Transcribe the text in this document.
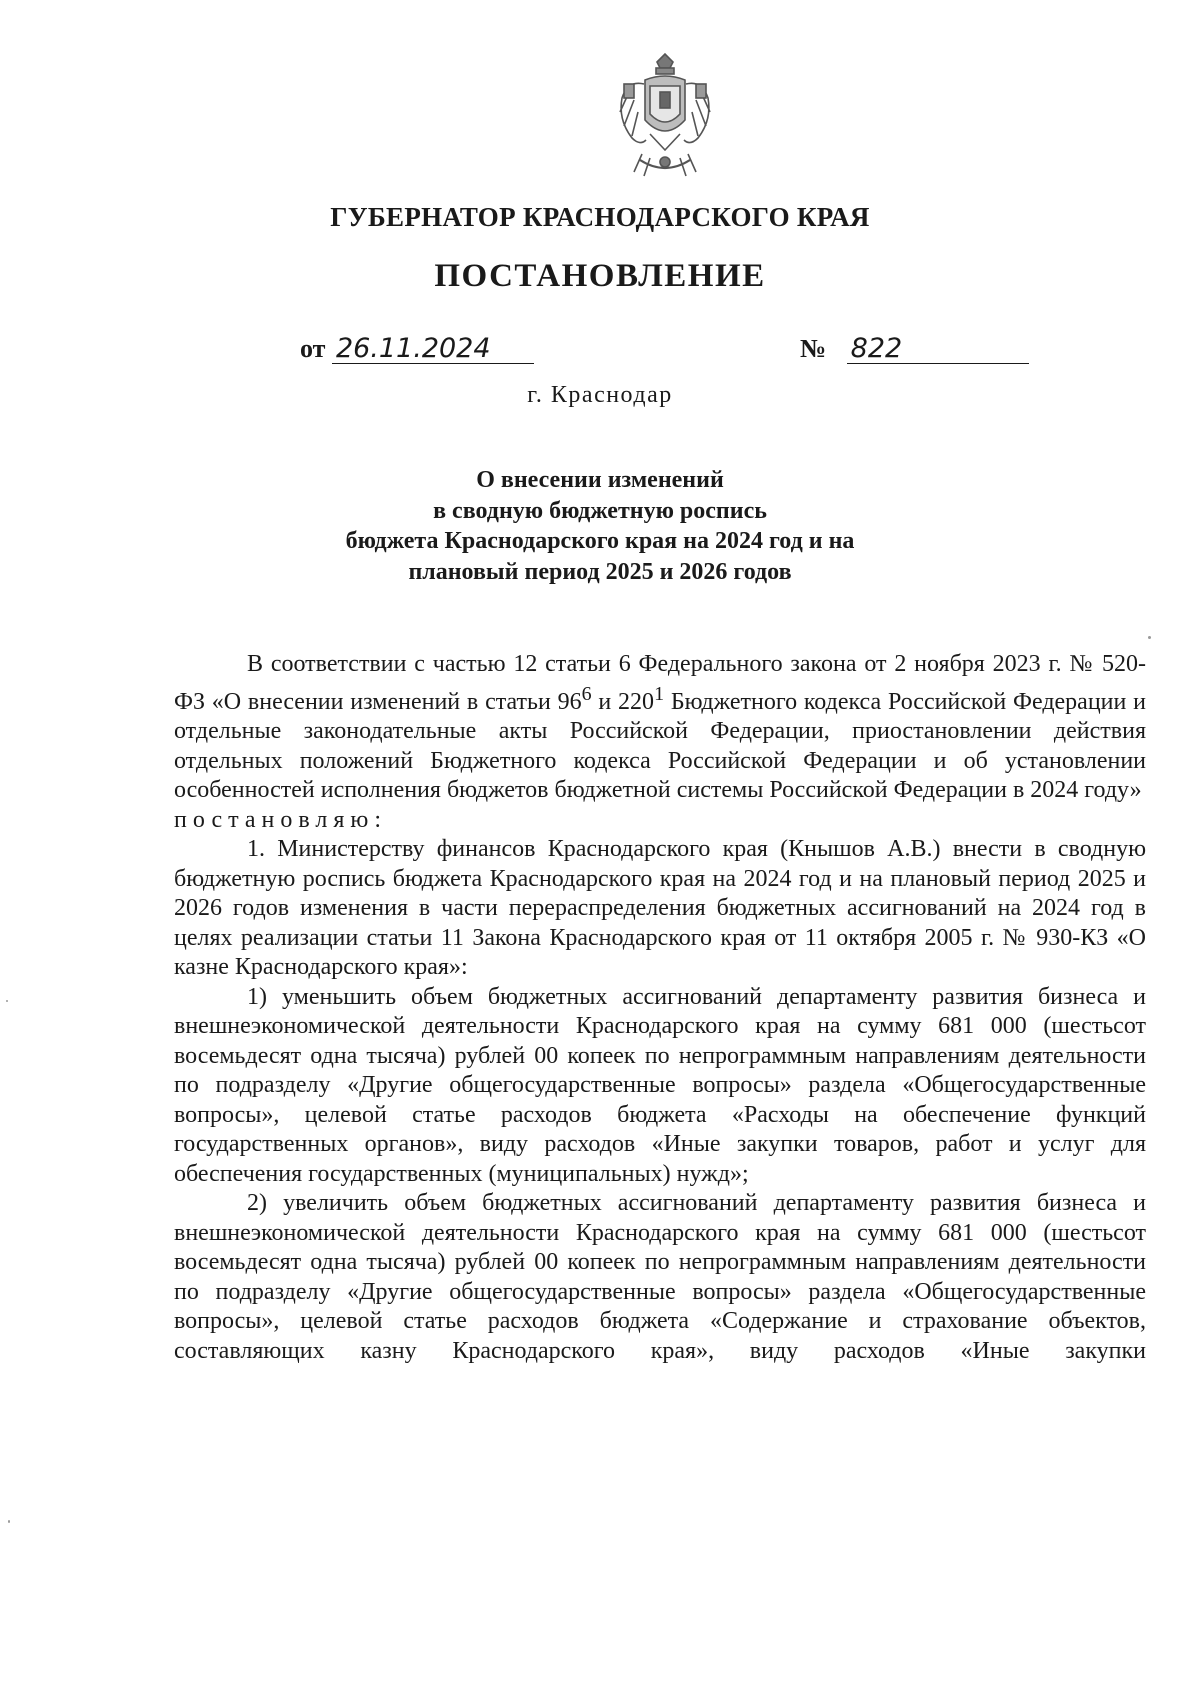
ГУБЕРНАТОР КРАСНОДАРСКОГО КРАЯ
ПОСТАНОВЛЕНИЕ
от 26.11.2024	№ 822
г. Краснодар
О внесении изменений
в сводную бюджетную роспись
бюджета Краснодарского края на 2024 год и на
плановый период 2025 и 2026 годов

В соответствии с частью 12 статьи 6 Федерального закона от 2 ноября 2023 г. № 520-ФЗ «О внесении изменений в статьи $96^6$ и $220^1$ Бюджетного кодекса Российской Федерации и отдельные законодательные акты Российской Федерации, приостановлении действия отдельных положений Бюджетного кодекса Российской Федерации и об установлении особенностей исполнения бюджетов бюджетной системы Российской Федерации в 2024 году»

постановляю:

1. Министерству финансов Краснодарского края (Кнышов А.В.) внести в сводную бюджетную роспись бюджета Краснодарского края на 2024 год и на плановый период 2025 и 2026 годов изменения в части перераспределения бюджетных ассигнований на 2024 год в целях реализации статьи 11 Закона Краснодарского края от 11 октября 2005 г. № 930-КЗ «О казне Краснодарского края»:

1) уменьшить объем бюджетных ассигнований департаменту развития бизнеса и внешнеэкономической деятельности Краснодарского края на сумму 681 000 (шестьсот восемьдесят одна тысяча) рублей 00 копеек по непрограммным направлениям деятельности по подразделу «Другие общегосударственные вопросы» раздела «Общегосударственные вопросы», целевой статье расходов бюджета «Расходы на обеспечение функций государственных органов», виду расходов «Иные закупки товаров, работ и услуг для обеспечения государственных (муниципальных) нужд»;

2) увеличить объем бюджетных ассигнований департаменту развития бизнеса и внешнеэкономической деятельности Краснодарского края на сумму 681 000 (шестьсот восемьдесят одна тысяча) рублей 00 копеек по непрограммным направлениям деятельности по подразделу «Другие общегосударственные вопросы» раздела «Общегосударственные вопросы», целевой статье расходов бюджета «Содержание и страхование объектов, составляющих казну Краснодарского края», виду расходов «Иные закупки
